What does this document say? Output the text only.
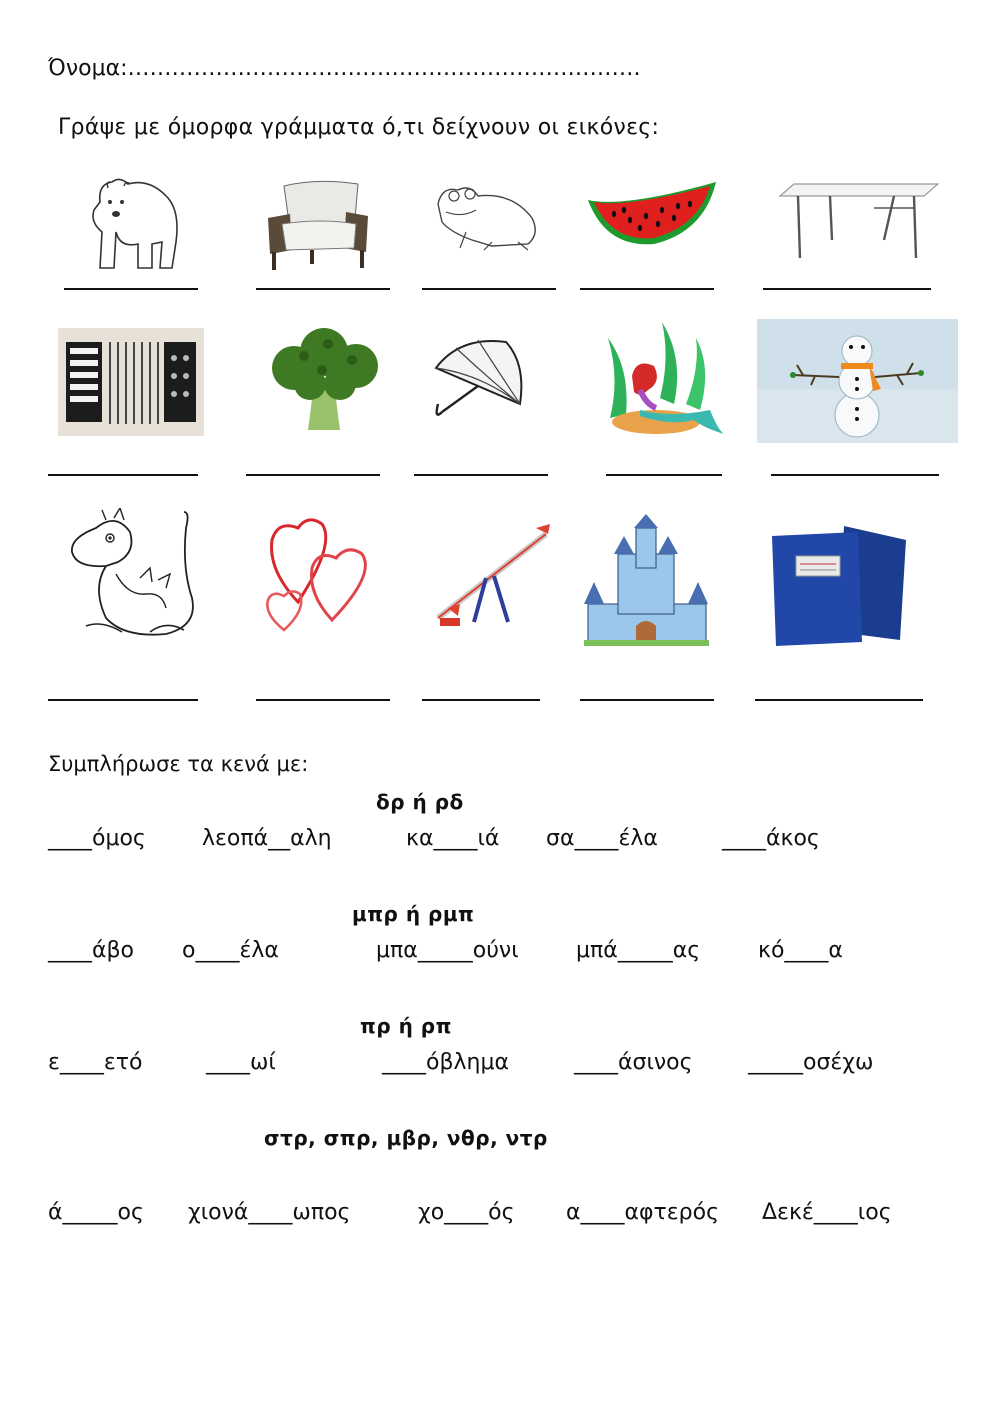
Όνομα:…………………………………………………………….
Γράψε με όμορφα γράμματα ό,τι δείχνουν οι εικόνες:
Συμπλήρωσε τα κενά με:
δρ ή ρδ
____όμος	λεοπά__αλη	κα____ιά σα____έλα	____άκος
μπρ ή ρμπ
____άβο ο____έλα	μπα_____ούνι	μπά_____ας	κό____α
πρ ή ρπ
ε____ετό	____ωί	____όβλημα	____άσινος	_____οσέχω
στρ, σπρ, μβρ, νθρ, ντρ
ά_____ος χιονά____ωπος	χο____ός α____αφτερός Δεκέ____ιος
